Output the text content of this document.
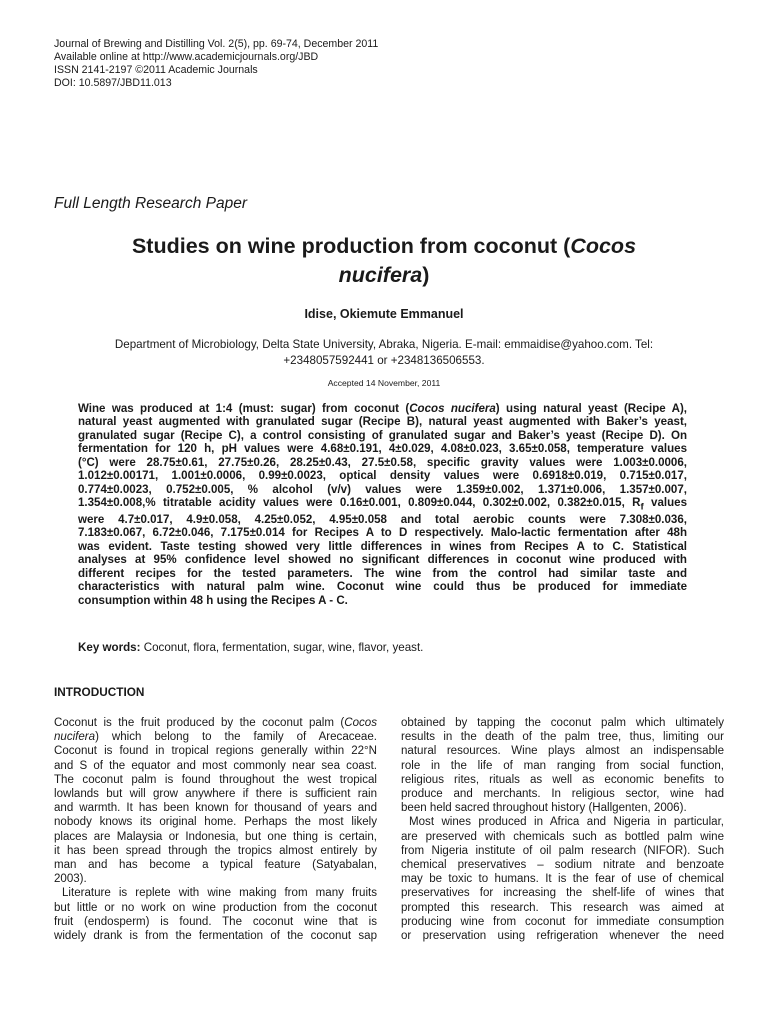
Journal of Brewing and Distilling Vol. 2(5), pp. 69-74, December 2011
Available online at http://www.academicjournals.org/JBD
ISSN 2141-2197 ©2011 Academic Journals
DOI: 10.5897/JBD11.013
Full Length Research Paper
Studies on wine production from coconut (Cocos
nucifera)
Idise, Okiemute Emmanuel
Department of Microbiology, Delta State University, Abraka, Nigeria. E-mail: emmaidise@yahoo.com. Tel:
+2348057592441 or +2348136506553.
Accepted 14 November, 2011
Wine was produced at 1:4 (must: sugar) from coconut (Cocos nucifera) using natural yeast (Recipe A),
natural yeast augmented with granulated sugar (Recipe B), natural yeast augmented with Baker’s yeast,
granulated sugar (Recipe C), a control consisting of granulated sugar and Baker’s yeast (Recipe D). On
fermentation for 120 h, pH values were 4.68±0.191, 4±0.029, 4.08±0.023, 3.65±0.058, temperature values
(°C) were 28.75±0.61, 27.75±0.26, 28.25±0.43, 27.5±0.58, specific gravity values were 1.003±0.0006,
1.012±0.00171, 1.001±0.0006, 0.99±0.0023, optical density values were 0.6918±0.019, 0.715±0.017,
0.774±0.0023, 0.752±0.005, % alcohol (v/v) values were 1.359±0.002, 1.371±0.006, 1.357±0.007,
1.354±0.008,% titratable acidity values were 0.16±0.001, 0.809±0.044, 0.302±0.002, 0.382±0.015, $R_f$ values
were 4.7±0.017, 4.9±0.058, 4.25±0.052, 4.95±0.058 and total aerobic counts were 7.308±0.036,
7.183±0.067, 6.72±0.046, 7.175±0.014 for Recipes A to D respectively. Malo-lactic fermentation after 48h
was evident. Taste testing showed very little differences in wines from Recipes A to C. Statistical
analyses at 95% confidence level showed no significant differences in coconut wine produced with
different recipes for the tested parameters. The wine from the control had similar taste and
characteristics with natural palm wine. Coconut wine could thus be produced for immediate
consumption within 48 h using the Recipes A - C.
Key words: Coconut, flora, fermentation, sugar, wine, flavor, yeast.
INTRODUCTION
Coconut is the fruit produced by the coconut palm (Cocos
nucifera) which belong to the family of Arecaceae.
Coconut is found in tropical regions generally within 22°N
and S of the equator and most commonly near sea coast.
The coconut palm is found throughout the west tropical
lowlands but will grow anywhere if there is sufficient rain
and warmth. It has been known for thousand of years and
nobody knows its original home. Perhaps the most likely
places are Malaysia or Indonesia, but one thing is certain,
it has been spread through the tropics almost entirely by
man and has become a typical feature (Satyabalan,
2003).
Literature is replete with wine making from many fruits
but little or no work on wine production from the coconut
fruit (endosperm) is found. The coconut wine that is
widely drank is from the fermentation of the coconut sap
obtained by tapping the coconut palm which ultimately
results in the death of the palm tree, thus, limiting our
natural resources. Wine plays almost an indispensable
role in the life of man ranging from social function,
religious rites, rituals as well as economic benefits to
produce and merchants. In religious sector, wine had
been held sacred throughout history (Hallgenten, 2006).
Most wines produced in Africa and Nigeria in particular,
are preserved with chemicals such as bottled palm wine
from Nigeria institute of oil palm research (NIFOR). Such
chemical preservatives – sodium nitrate and benzoate
may be toxic to humans. It is the fear of use of chemical
preservatives for increasing the shelf-life of wines that
prompted this research. This research was aimed at
producing wine from coconut for immediate consumption
or preservation using refrigeration whenever the need
